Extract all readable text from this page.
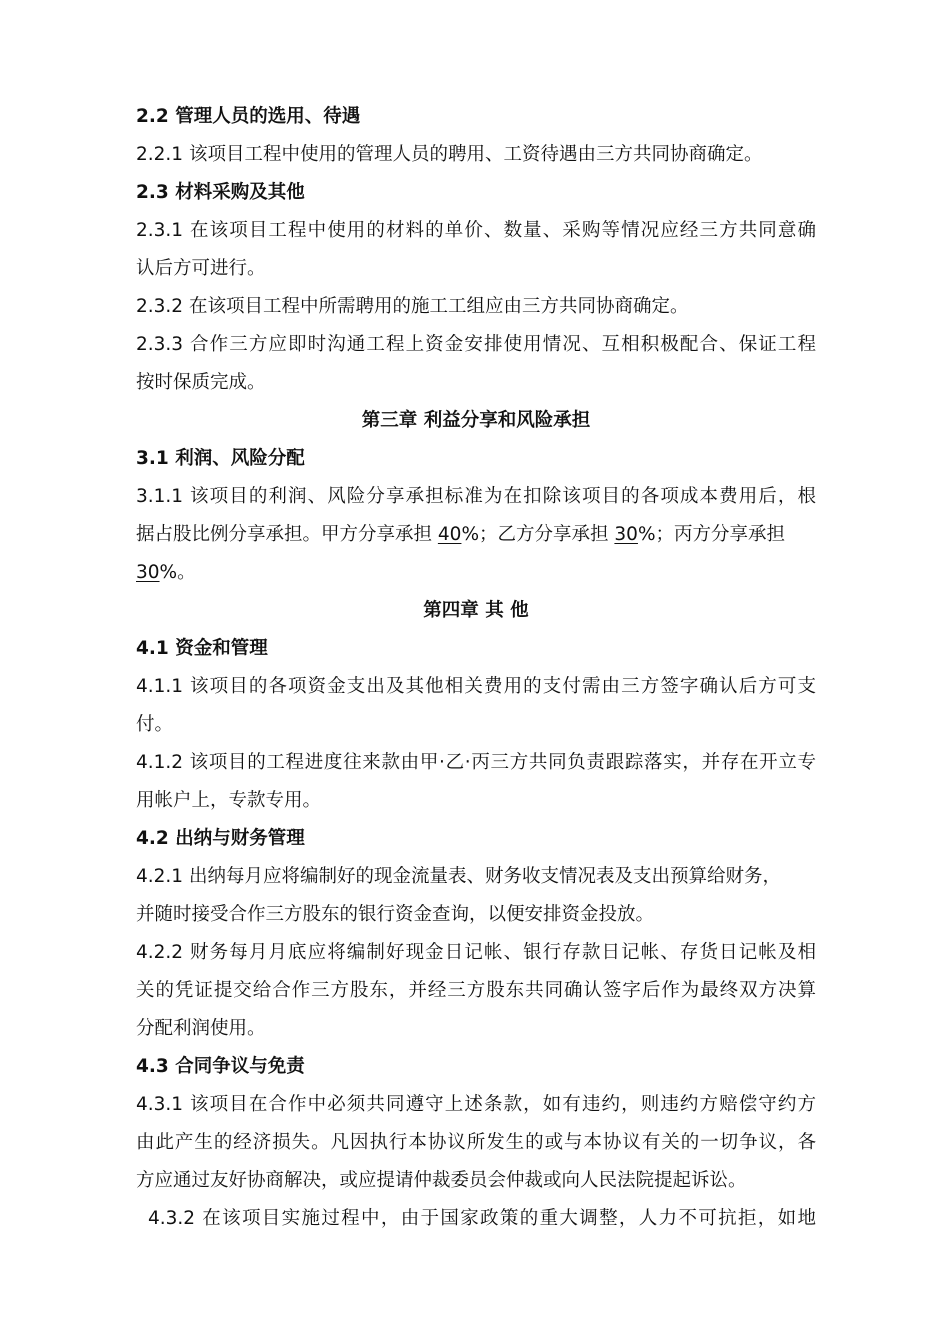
2.2 管理人员的选用、待遇
2.2.1 该项目工程中使用的管理人员的聘用、工资待遇由三方共同协商确定。
2.3 材料采购及其他
2.3.1 在该项目工程中使用的材料的单价、数量、采购等情况应经三方共同意确
认后方可进行。
2.3.2 在该项目工程中所需聘用的施工工组应由三方共同协商确定。
2.3.3 合作三方应即时沟通工程上资金安排使用情况、互相积极配合、保证工程
按时保质完成。
第三章 利益分享和风险承担
3.1 利润、风险分配
3.1.1 该项目的利润、风险分享承担标准为在扣除该项目的各项成本费用后，根
据占股比例分享承担。甲方分享承担 40%；乙方分享承担 30%；丙方分享承担
30%。
第四章 其 他
4.1 资金和管理
4.1.1 该项目的各项资金支出及其他相关费用的支付需由三方签字确认后方可支
付。
4.1.2 该项目的工程进度往来款由甲·乙·丙三方共同负责跟踪落实，并存在开立专
用帐户上，专款专用。
4.2 出纳与财务管理
4.2.1 出纳每月应将编制好的现金流量表、财务收支情况表及支出预算给财务，
并随时接受合作三方股东的银行资金查询，以便安排资金投放。
4.2.2 财务每月月底应将编制好现金日记帐、银行存款日记帐、存货日记帐及相
关的凭证提交给合作三方股东，并经三方股东共同确认签字后作为最终双方决算
分配利润使用。
4.3 合同争议与免责
4.3.1 该项目在合作中必须共同遵守上述条款，如有违约，则违约方赔偿守约方
由此产生的经济损失。凡因执行本协议所发生的或与本协议有关的一切争议，各
方应通过友好协商解决，或应提请仲裁委员会仲裁或向人民法院提起诉讼。
4.3.2 在该项目实施过程中，由于国家政策的重大调整，人力不可抗拒，如地
